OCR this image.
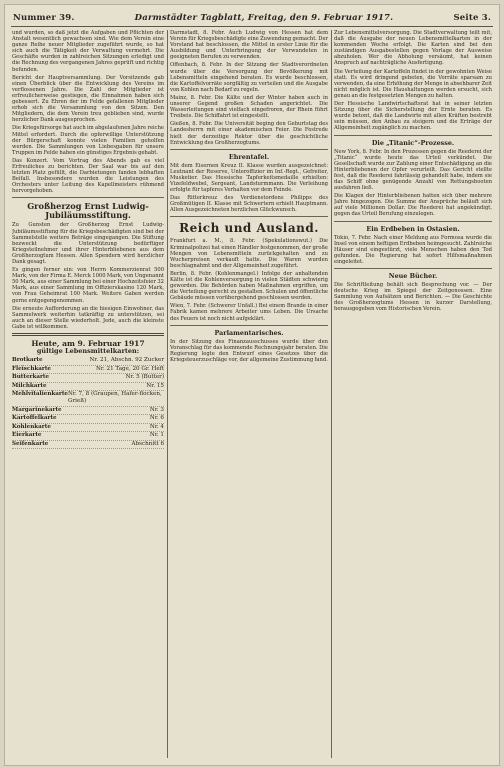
Nummer 39.	Darmstädter Tagblatt, Freitag, den 9. Februar 1917.	Seite 3.

und wurden, so daß jetzt die Aufgaben und Pflichten der Anstalt wesentlich gewachsen sind. Wie dem Verein eine ganze Reihe neuer Mitglieder zugeführt wurde, so hat sich auch die Tätigkeit der Verwaltung vermehrt. Die Geschäfte wurden in zahlreichen Sitzungen erledigt und die Rechnung des vergangenen Jahres geprüft und richtig befunden.

Bericht der Hauptversammlung. Der Vorsitzende gab einen Überblick über die Entwicklung des Vereins im verflossenen Jahre. Die Zahl der Mitglieder ist erfreulicherweise gestiegen, die Einnahmen haben sich gebessert. Zu Ehren der im Felde gefallenen Mitglieder erhob sich die Versammlung von den Sitzen. Den Mitgliedern, die dem Verein treu geblieben sind, wurde herzlicher Dank ausgesprochen.

Die Kriegsfürsorge hat auch im abgelaufenen Jahre reiche Mittel erfordert. Durch die opferwillige Unterstützung der Bürgerschaft konnte vielen Familien geholfen werden. Die Sammlungen von Liebesgaben für unsere Truppen im Felde haben ein günstiges Ergebnis gehabt.

Das Konzert. Vom Vortrag des Abends gab es viel Erfreuliches zu berichten. Der Saal war bis auf den letzten Platz gefüllt, die Darbietungen fanden lebhaften Beifall. Insbesondere wurden die Leistungen des Orchesters unter Leitung des Kapellmeisters rühmend hervorgehoben.

Großherzog Ernst Ludwig-Jubiläumsstiftung.

Zu Gunsten der Großherzog Ernst Ludwig-Jubiläumsstiftung für die Kriegsbeschädigten sind bei der Sammelstelle weitere Beträge eingegangen. Die Stiftung bezweckt die Unterstützung bedürftiger Kriegsteilnehmer und ihrer Hinterbliebenen aus dem Großherzogtum Hessen. Allen Spendern wird herzlicher Dank gesagt.

Es gingen ferner ein: von Herrn Kommerzienrat 500 Mark, von der Firma E. Merck 1000 Mark, von Ungenannt 50 Mark, aus einer Sammlung bei einer Hochzeitsfeier 32 Mark, aus einer Sammlung im Offizierskasino 120 Mark, von Frau Geheimrat 100 Mark. Weitere Gaben werden gerne entgegengenommen.

Die erneute Aufforderung an die hiesigen Einwohner, das Sammelwerk weiterhin tatkräftig zu unterstützen, sei auch an dieser Stelle wiederholt. Jede, auch die kleinste Gabe ist willkommen.

Heute, am 9. Februar 1917
gültige Lebensmittelkarten:
Brotkarte	Nr. 21, Abschn. 92 Zucker
Fleischkarte	Nr. 21 Tage, 20 Gr. Heft
Butterkarte	Nr. 5 (Butter)
Milchkarte	Nr. 15
Mehlvitalienkarte Nr. 7, 8 (Graupen, Hafer-flocken, Grieß)
Margarinekarte	Nr. 3
Kartoffelkarte	Nr. 6
Kohlenkarte	Nr. 4
Eierkarte	Nr. 1
Seifenkarte	Abschnitt 6

Darmstadt, 8. Febr. Auch Ludwig von Hessen hat dem Verein für Kriegsbeschädigte eine Zuwendung gemacht. Der Vorstand hat beschlossen, die Mittel in erster Linie für die Ausbildung und Unterbringung der Verwundeten in geeigneten Berufen zu verwenden.

Offenbach, 8. Febr. In der Sitzung der Stadtverordneten wurde über die Versorgung der Bevölkerung mit Lebensmitteln eingehend beraten. Es wurde beschlossen, die Kartoffelvorräte sorgfältig zu verteilen und die Ausgabe von Kohlen nach Bedarf zu regeln.

Mainz, 8. Febr. Die Kälte und der Winter haben auch in unserer Gegend großen Schaden angerichtet. Die Wasserleitungen sind vielfach eingefroren, der Rhein führt Treibeis. Die Schiffahrt ist eingestellt.

Gießen, 8. Febr. Die Universität beging den Geburtstag des Landesherrn mit einer akademischen Feier. Die Festrede hielt der derzeitige Rektor über die geschichtliche Entwicklung des Großherzogtums.

Ehrentafel.

Mit dem Eisernen Kreuz II. Klasse wurden ausgezeichnet: Leutnant der Reserve, Unteroffizier im Inf.-Regt., Gefreiter, Musketier. Das Hessische Tapferkeitsmedaille erhielten: Vizefeldwebel, Sergeant, Landsturmmann. Die Verleihung erfolgte für tapferes Verhalten vor dem Feinde.

Das Ritterkreuz des Verdienstordens Philipps des Großmütigen II. Klasse mit Schwertern erhielt Hauptmann. Allen Ausgezeichneten herzlichen Glückwunsch.

Reich und Ausland.

Frankfurt a. M., 8. Febr. (Spekulationswut.) Die Kriminalpolizei hat einen Händler festgenommen, der große Mengen von Lebensmitteln zurückgehalten und zu Wucherpreisen verkauft hatte. Die Waren wurden beschlagnahmt und der Allgemeinheit zugeführt.

Berlin, 8. Febr. (Kohlenmangel.) Infolge der anhaltenden Kälte ist die Kohlenversorgung in vielen Städten schwierig geworden. Die Behörden haben Maßnahmen ergriffen, um die Verteilung gerecht zu gestalten. Schulen und öffentliche Gebäude müssen vorübergehend geschlossen werden.

Wien, 7. Febr. (Schwerer Unfall.) Bei einem Brande in einer Fabrik kamen mehrere Arbeiter ums Leben. Die Ursache des Feuers ist noch nicht aufgeklärt.

Parlamentarisches.

In der Sitzung des Finanzausschusses wurde über den Voranschlag für das kommende Rechnungsjahr beraten. Die Regierung legte den Entwurf eines Gesetzes über die Kriegsteuerzuschläge vor, der allgemeine Zustimmung fand.

Zur Lebensmittelversorgung. Die Stadtverwaltung teilt mit, daß die Ausgabe der neuen Lebensmittelkarten in der kommenden Woche erfolgt. Die Karten sind bei den zuständigen Ausgabestellen gegen Vorlage der Ausweise abzuholen. Wer die Abholung versäumt, hat keinen Anspruch auf nachträgliche Ausfertigung.

Die Verteilung der Kartoffeln findet in der gewohnten Weise statt. Es wird dringend gebeten, die Vorräte sparsam zu verwenden, da eine Erhöhung der Menge in absehbarer Zeit nicht möglich ist. Die Haushaltungen werden ersucht, sich genau an die festgesetzten Mengen zu halten.

Der Hessische Landwirtschaftsrat hat in seiner letzten Sitzung über die Sicherstellung der Ernte beraten. Es wurde betont, daß die Landwirte mit allen Kräften bestrebt sein müssen, den Anbau zu steigern und die Erträge der Allgemeinheit zugänglich zu machen.

Die „Titanic“-Prozesse.

New York, 8. Febr. In den Prozessen gegen die Reederei der „Titanic“ wurde heute das Urteil verkündet. Die Gesellschaft wurde zur Zahlung einer Entschädigung an die Hinterbliebenen der Opfer verurteilt. Das Gericht stellte fest, daß die Reederei fahrlässig gehandelt habe, indem sie das Schiff ohne genügende Anzahl von Rettungsbooten ausfahren ließ.

Die Klagen der Hinterbliebenen hatten sich über mehrere Jahre hingezogen. Die Summe der Ansprüche beläuft sich auf viele Millionen Dollar. Die Reederei hat angekündigt, gegen das Urteil Berufung einzulegen.

Ein Erdbeben in Ostasien.

Tokio, 7. Febr. Nach einer Meldung aus Formosa wurde die Insel von einem heftigen Erdbeben heimgesucht. Zahlreiche Häuser sind eingestürzt, viele Menschen haben den Tod gefunden. Die Regierung hat sofort Hilfsmaßnahmen eingeleitet.

Neue Bücher.

Die Schriftleitung behält sich Besprechung vor. — Der deutsche Krieg im Spiegel der Zeitgenossen. Eine Sammlung von Aufsätzen und Berichten. — Die Geschichte des Großherzogtums Hessen in kurzer Darstellung, herausgegeben vom Historischen Verein.
